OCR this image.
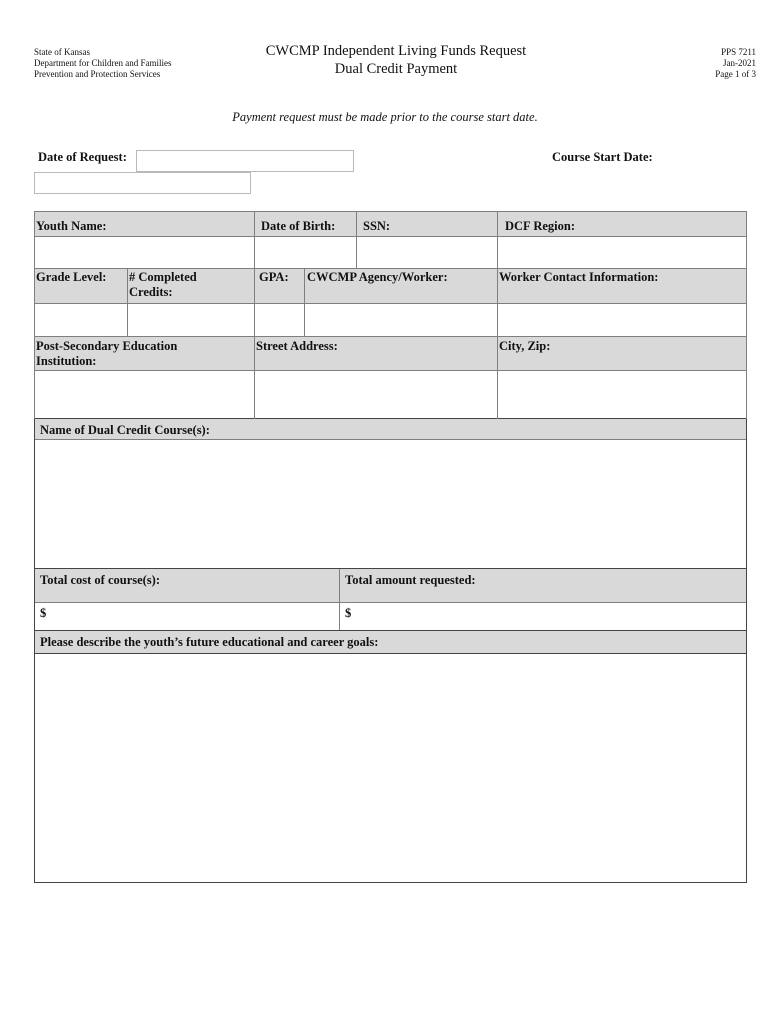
State of Kansas
Department for Children and Families
Prevention and Protection Services
CWCMP Independent Living Funds Request
Dual Credit Payment
PPS 7211
Jan-2021
Page 1 of 3
Payment request must be made prior to the course start date.
Date of Request:	Course Start Date:
Youth Name:	Date of Birth: SSN:	DCF Region:
Grade Level: # Completed
Credits:
GPA: CWCMP Agency/Worker:	Worker Contact Information:
Post-Secondary Education
Institution:
Street Address:	City, Zip:
Name of Dual Credit Course(s):
Total cost of course(s):	Total amount requested:
$	$
Please describe the youth’s future educational and career goals:
